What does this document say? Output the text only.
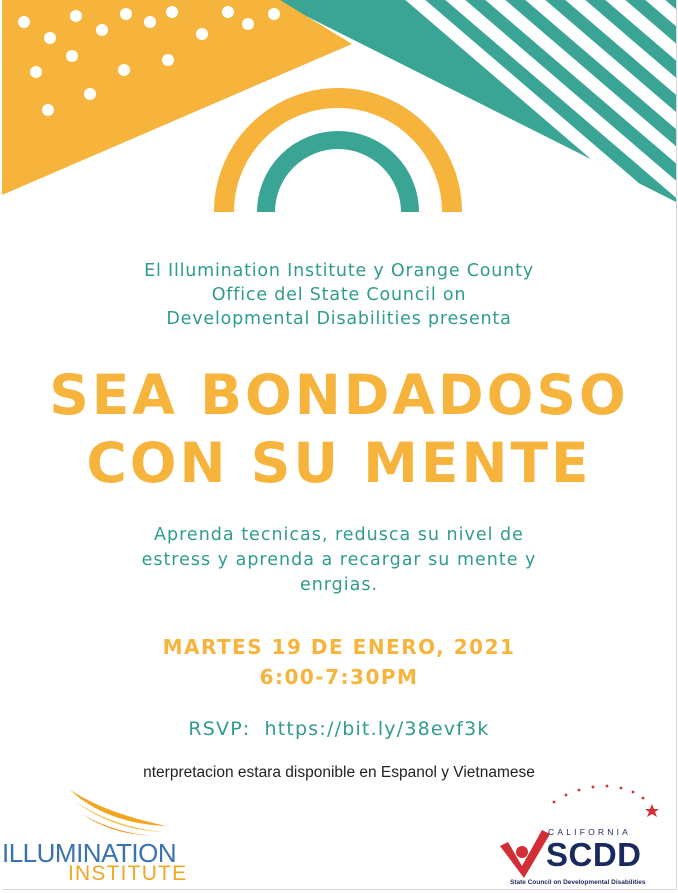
El Illumination Institute y Orange County
Office del State Council on
Developmental Disabilities presenta
SEA BONDADOSO
CON SU MENTE
Aprenda tecnicas, redusca su nivel de
estress y aprenda a recargar su mente y
enrgias.
MARTES 19 DE ENERO, 2021
6:00-7:30PM
RSVP: https://bit.ly/38evf3k
nterpretacion estara disponible en Espanol y Vietnamese
ILLUMINATION
INSTITUTE
CALIFORNIA
SCDD
State Council on Developmental Disabilities
